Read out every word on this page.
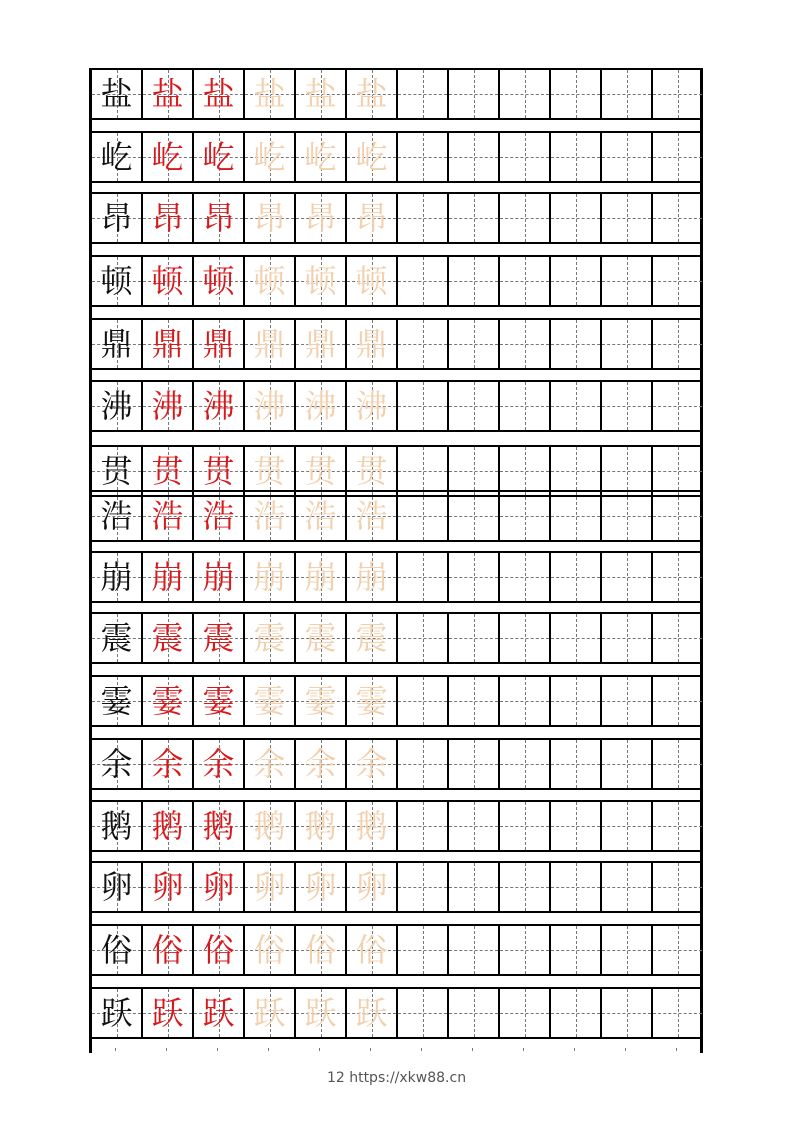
盐 盐 盐 盐 盐 盐
屹 屹 屹 屹 屹 屹
昂 昂 昂 昂 昂 昂
顿 顿 顿 顿 顿 顿
鼎 鼎 鼎 鼎 鼎 鼎
沸 沸 沸 沸 沸 沸
贯 贯 贯 贯 贯 贯
浩 浩 浩 浩 浩 浩
崩 崩 崩 崩 崩 崩
震 震 震 震 震 震
霎 霎 霎 霎 霎 霎
余 余 余 余 余 余
鹅 鹅 鹅 鹅 鹅 鹅
卵 卵 卵 卵 卵 卵
俗 俗 俗 俗 俗 俗
跃 跃 跃 跃 跃 跃
12 https://xkw88.cn
